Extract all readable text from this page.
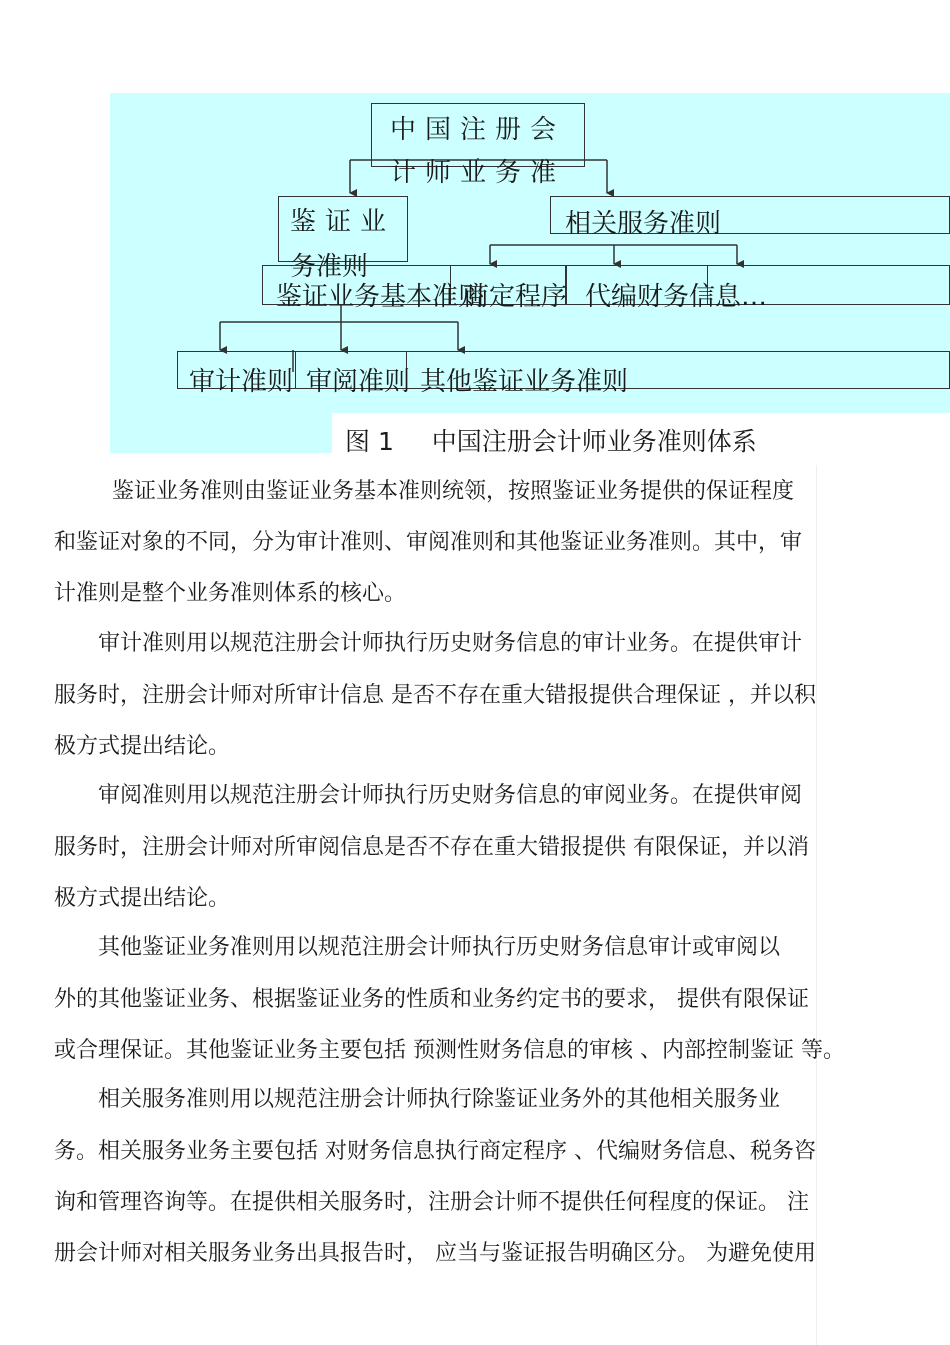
中国注册会
计师业务准
鉴证业
务准则
相关服务准则
鉴证业务基本准则
商定程序 代编财务信息…
审计准则 审阅准则 其他鉴证业务准则
图 1 中国注册会计师业务准则体系
鉴证业务准则由鉴证业务基本准则统领，按照鉴证业务提供的保证程度
和鉴证对象的不同，分为审计准则、审阅准则和其他鉴证业务准则。其中，审
计准则是整个业务准则体系的核心。
审计准则用以规范注册会计师执行历史财务信息的审计业务。在提供审计
服务时，注册会计师对所审计信息 是否不存在重大错报提供合理保证 ，并以积
极方式提出结论。
审阅准则用以规范注册会计师执行历史财务信息的审阅业务。在提供审阅
服务时，注册会计师对所审阅信息是否不存在重大错报提供 有限保证，并以消
极方式提出结论。
其他鉴证业务准则用以规范注册会计师执行历史财务信息审计或审阅以
外的其他鉴证业务、根据鉴证业务的性质和业务约定书的要求， 提供有限保证
或合理保证。其他鉴证业务主要包括 预测性财务信息的审核 、内部控制鉴证 等。
相关服务准则用以规范注册会计师执行除鉴证业务外的其他相关服务业
务。相关服务业务主要包括 对财务信息执行商定程序 、代编财务信息、税务咨
询和管理咨询等。在提供相关服务时，注册会计师不提供任何程度的保证。 注
册会计师对相关服务业务出具报告时， 应当与鉴证报告明确区分。 为避免使用
